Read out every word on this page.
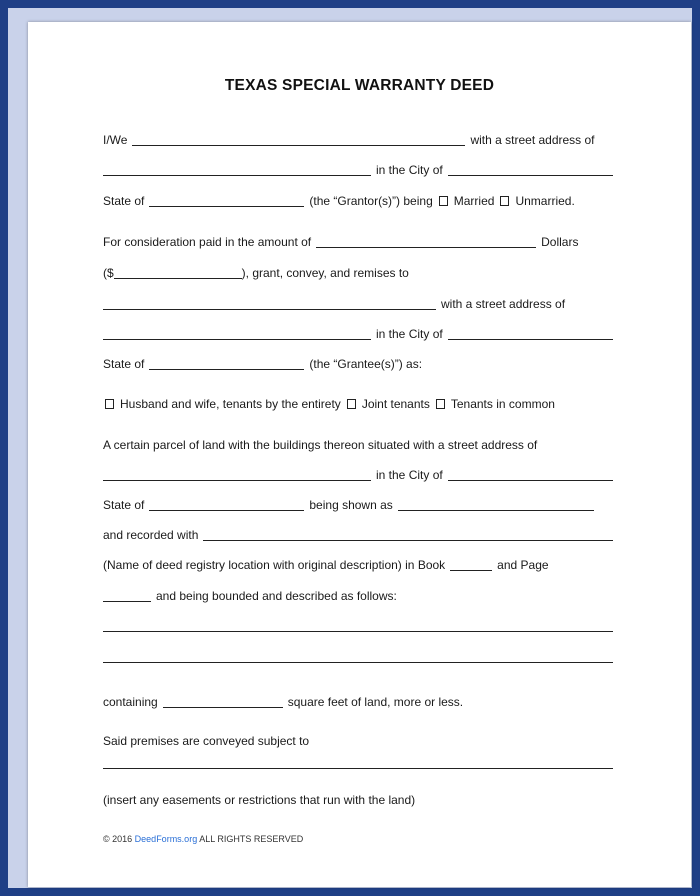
TEXAS SPECIAL WARRANTY DEED
I/We	with a street address of
in the City of
State of	(the “Grantor(s)”) being Married Unmarried.
For consideration paid in the amount of	Dollars
($	), grant, convey, and remises to
with a street address of
in the City of
State of	(the “Grantee(s)”) as:
Husband and wife, tenants by the entirety Joint tenants Tenants in common
A certain parcel of land with the buildings thereon situated with a street address of
in the City of
State of	being shown as
and recorded with
(Name of deed registry location with original description) in Book	and Page
and being bounded and described as follows:
containing	square feet of land, more or less.
Said premises are conveyed subject to
(insert any easements or restrictions that run with the land)
© 2016 DeedForms.org ALL RIGHTS RESERVED
